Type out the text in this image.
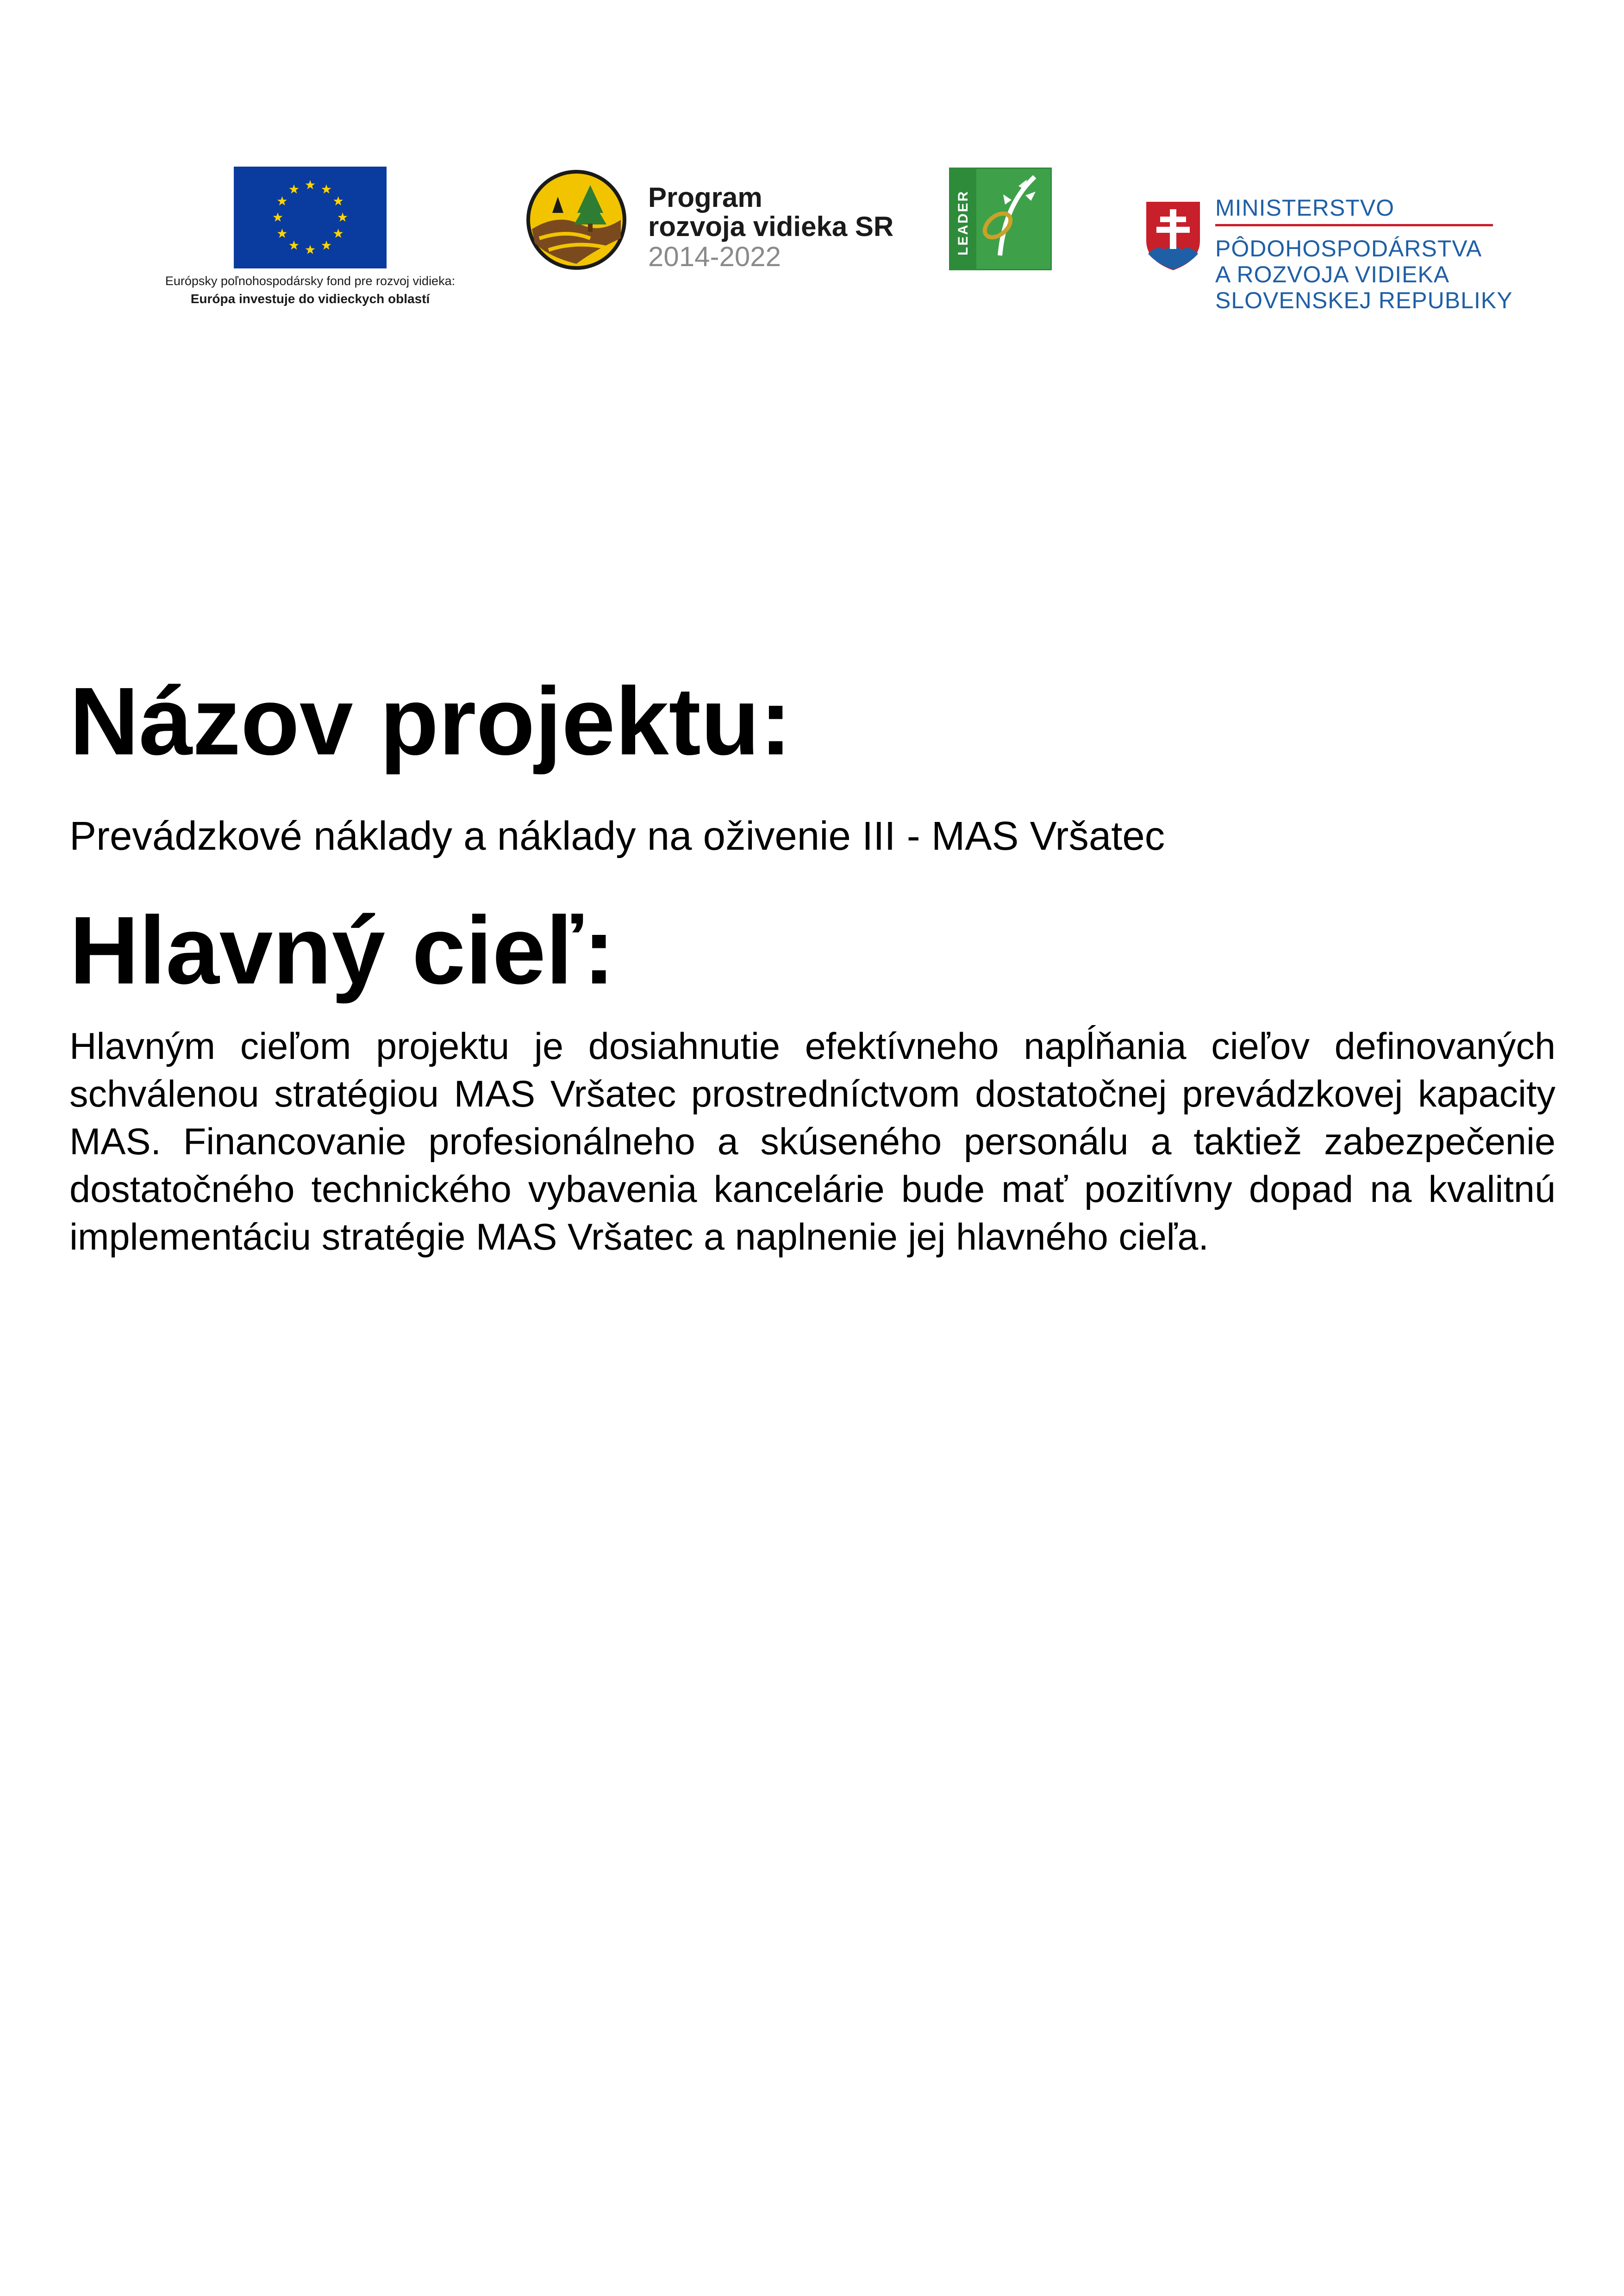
Európsky poľnohospodársky fond pre rozvoj vidieka:
Európa investuje do vidieckych oblastí
Program
rozvoja vidieka SR
2014-2022
LEADER	MINISTERSTVO
PÔDOHOSPODÁRSTVA
A ROZVOJA VIDIEKA
SLOVENSKEJ REPUBLIKY
Názov projektu:

Prevádzkové náklady a náklady na oživenie III - MAS Vršatec

Hlavný cieľ:

Hlavným cieľom projektu je dosiahnutie efektívneho napĺňania cieľov definovaných schválenou stratégiou MAS Vršatec prostredníctvom dostatočnej prevádzkovej kapacity MAS. Financovanie profesionálneho a skúseného personálu a taktiež zabezpečenie dostatočného technického vybavenia kancelárie bude mať pozitívny dopad na kvalitnú implementáciu stratégie MAS Vršatec a naplnenie jej hlavného cieľa.
